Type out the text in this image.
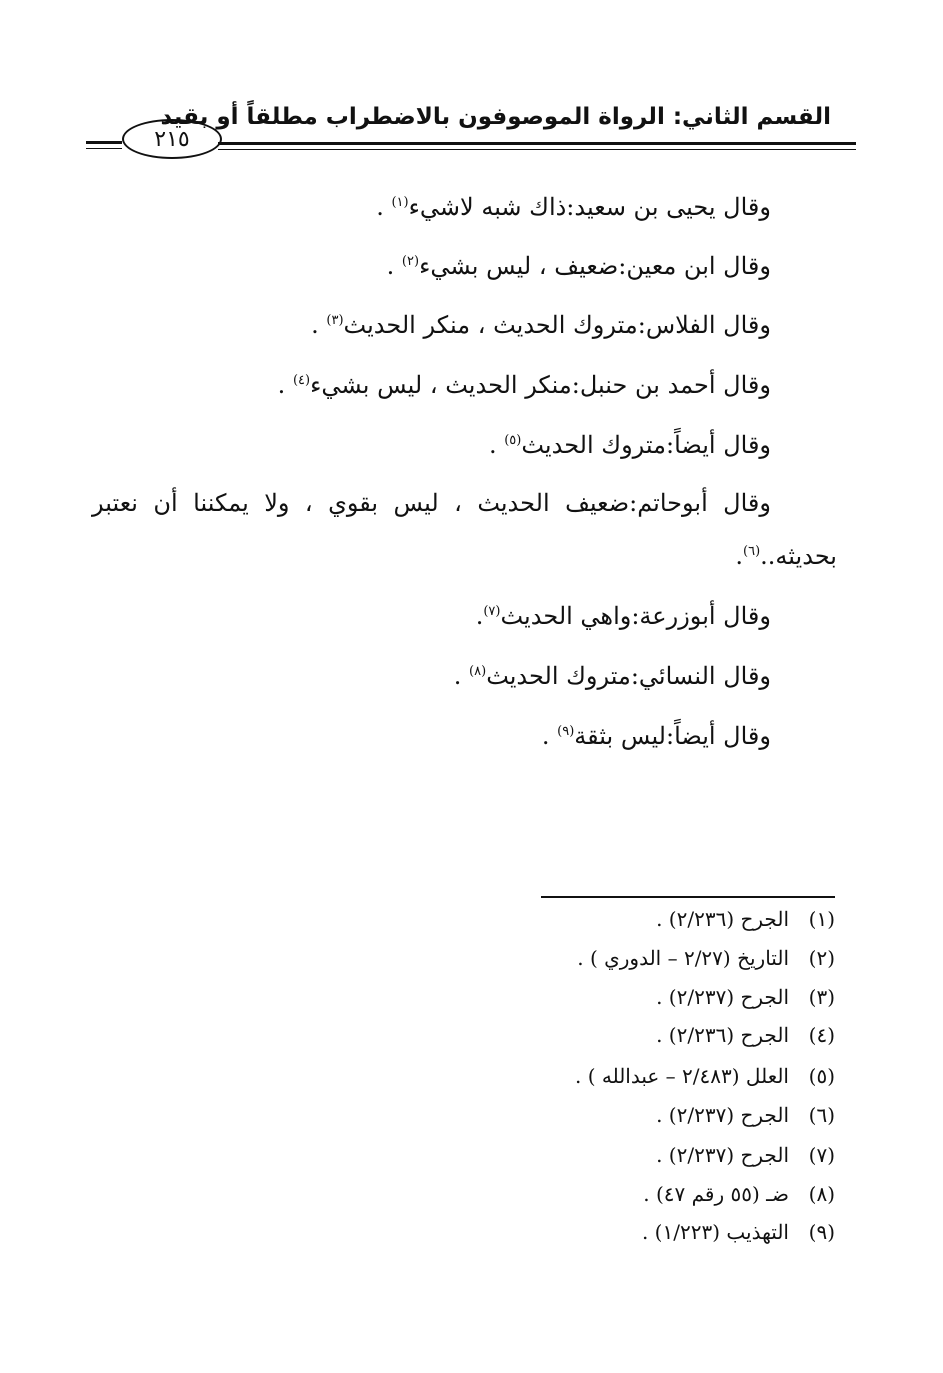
القسم الثاني: الرواة الموصوفون بالاضطراب مطلقاً أو بقيد
٢١٥
وقال يحيى بن سعيد:ذاك شبه لاشيء$^{(١)}$ .
وقال ابن معين:ضعيف ، ليس بشيء$^{(٢)}$ .
وقال الفلاس:متروك الحديث ، منكر الحديث$^{(٣)}$ .
وقال أحمد بن حنبل:منكر الحديث ، ليس بشيء$^{(٤)}$ .
وقال أيضاً:متروك الحديث$^{(٥)}$ .
وقال أبوحاتم:ضعيف الحديث ، ليس بقوي ، ولا يمكننا أن نعتبر
بحديثه..$^{(٦)}$.
وقال أبوزرعة:واهي الحديث$^{(٧)}$.
وقال النسائي:متروك الحديث$^{(٨)}$ .
وقال أيضاً:ليس بثقة$^{(٩)}$ .
(١)الجرح (٢/٢٣٦) .
(٢)التاريخ (٢/٢٧ – الدوري ) .
(٣)الجرح (٢/٢٣٧) .
(٤)الجرح (٢/٢٣٦) .
(٥)العلل (٢/٤٨٣ – عبدالله ) .
(٦)الجرح (٢/٢٣٧) .
(٧)الجرح (٢/٢٣٧) .
(٨)ضـ (٥٥ رقم ٤٧) .
(٩)التهذيب (١/٢٢٣) .
